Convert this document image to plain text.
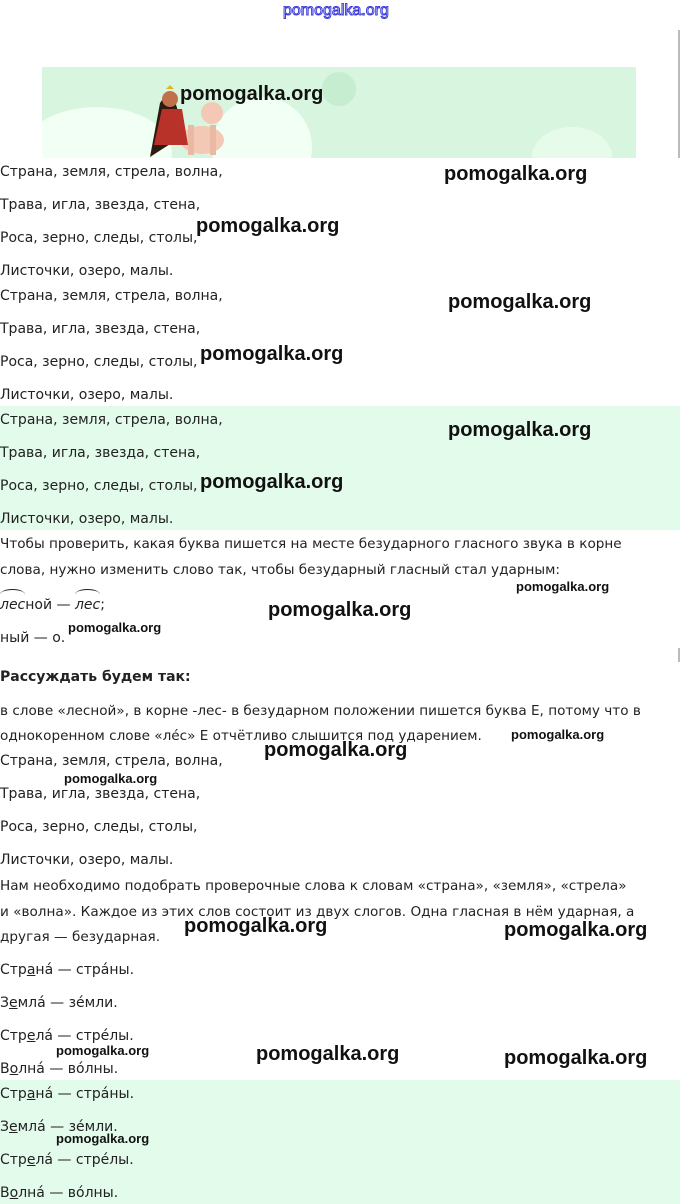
pomogalka.org
pomogalka.org
Страна, земля, стрела, волна,
Трава, игла, звезда, стена,
Роса, зерно, следы, столы,
Листочки, озеро, малы.
pomogalka.org
pomogalka.org
Страна, земля, стрела, волна,
Трава, игла, звезда, стена,
Роса, зерно, следы, столы,
Листочки, озеро, малы.
pomogalka.org
pomogalka.org
Страна, земля, стрела, волна,
Трава, игла, звезда, стена,
Роса, зерно, следы, столы,
Листочки, озеро, малы.
pomogalka.org
pomogalka.org
Чтобы проверить, какая буква пишется на месте безударного гласного звука в корне
слова, нужно изменить слово так, чтобы безударный гласный стал ударным:
лесной — лес;
pomogalka.org
pomogalka.org
ный — о.
pomogalka.org
Рассуждать будем так:
в слове «лесной», в корне -лес- в безударном положении пишется буква Е, потому что в
однокоренном слове «лéс» Е отчётливо слышится под ударением. pomogalka.org
pomogalka.org
Страна, земля, стрела, волна,
Трава, игла, звезда, стена,
Роса, зерно, следы, столы,
Листочки, озеро, малы.
pomogalka.org
Нам необходимо подобрать проверочные слова к словам «страна», «земля», «стрела»
и «волна». Каждое из этих слов состоит из двух слогов. Одна гласная в нём ударная, а
другая — безударная. pomogalka.org	pomogalka.org
Странá — стрáны.
Землá — зéмли.
Стрелá — стрéлы.
Волнá — вóлны.
pomogalka.org	pomogalka.org	pomogalka.org
Странá — стрáны.
Землá — зéмли.
Стрелá — стрéлы.
Волнá — вóлны.
pomogalka.org
